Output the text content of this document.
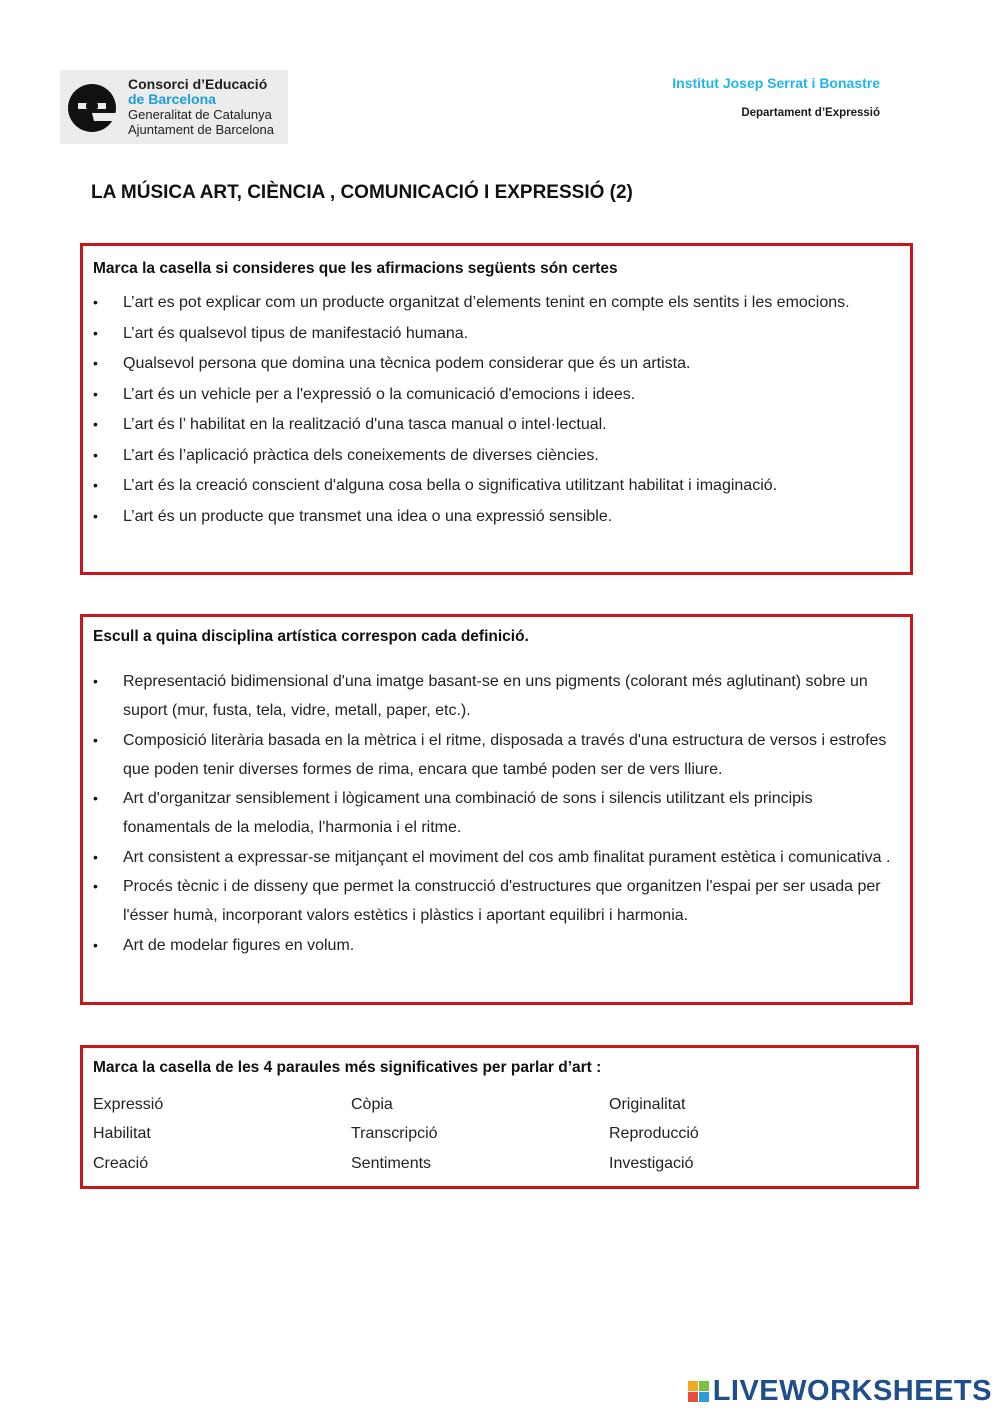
Consorci d’Educació
de Barcelona
Generalitat de Catalunya
Ajuntament de Barcelona
Institut Josep Serrat i Bonastre
Departament d’Expressió
LA MÚSICA ART, CIÈNCIA , COMUNICACIÓ I EXPRESSIÓ (2)
Marca la casella si consideres que les afirmacions següents són certes
• L’art es pot explicar com un producte organitzat d’elements tenint en compte els sentits i les emocions.
• L’art és qualsevol tipus de manifestació humana.
• Qualsevol persona que domina una tècnica podem considerar que és un artista.
• L’art és un vehicle per a l'expressió o la comunicació d'emocions i idees.
• L’art és l’ habilitat en la realització d'una tasca manual o intel·lectual.
• L’art és l’aplicació pràctica dels coneixements de diverses ciències.
• L’art és la creació conscient d'alguna cosa bella o significativa utilitzant habilitat i imaginació.
• L’art és un producte que transmet una idea o una expressió sensible.
Escull a quina disciplina artística correspon cada definició.
• Representació bidimensional d'una imatge basant-se en uns pigments (colorant més aglutinant) sobre un suport (mur, fusta, tela, vidre, metall, paper, etc.).
• Composició literària basada en la mètrica i el ritme, disposada a través d'una estructura de versos i estrofes que poden tenir diverses formes de rima, encara que també poden ser de vers lliure.
• Art d'organitzar sensiblement i lògicament una combinació de sons i silencis utilitzant els principis fonamentals de la melodia, l'harmonia i el ritme.
• Art consistent a expressar-se mitjançant el moviment del cos amb finalitat purament estètica i comunicativa .
• Procés tècnic i de disseny que permet la construcció d'estructures que organitzen l'espai per ser usada per l'ésser humà, incorporant valors estètics i plàstics i aportant equilibri i harmonia.
• Art de modelar figures en volum.
Marca la casella de les 4 paraules més significatives per parlar d’art :
Expressió	Còpia	Originalitat
Habilitat	Transcripció	Reproducció
Creació	Sentiments	Investigació
LIVEWORKSHEETS
